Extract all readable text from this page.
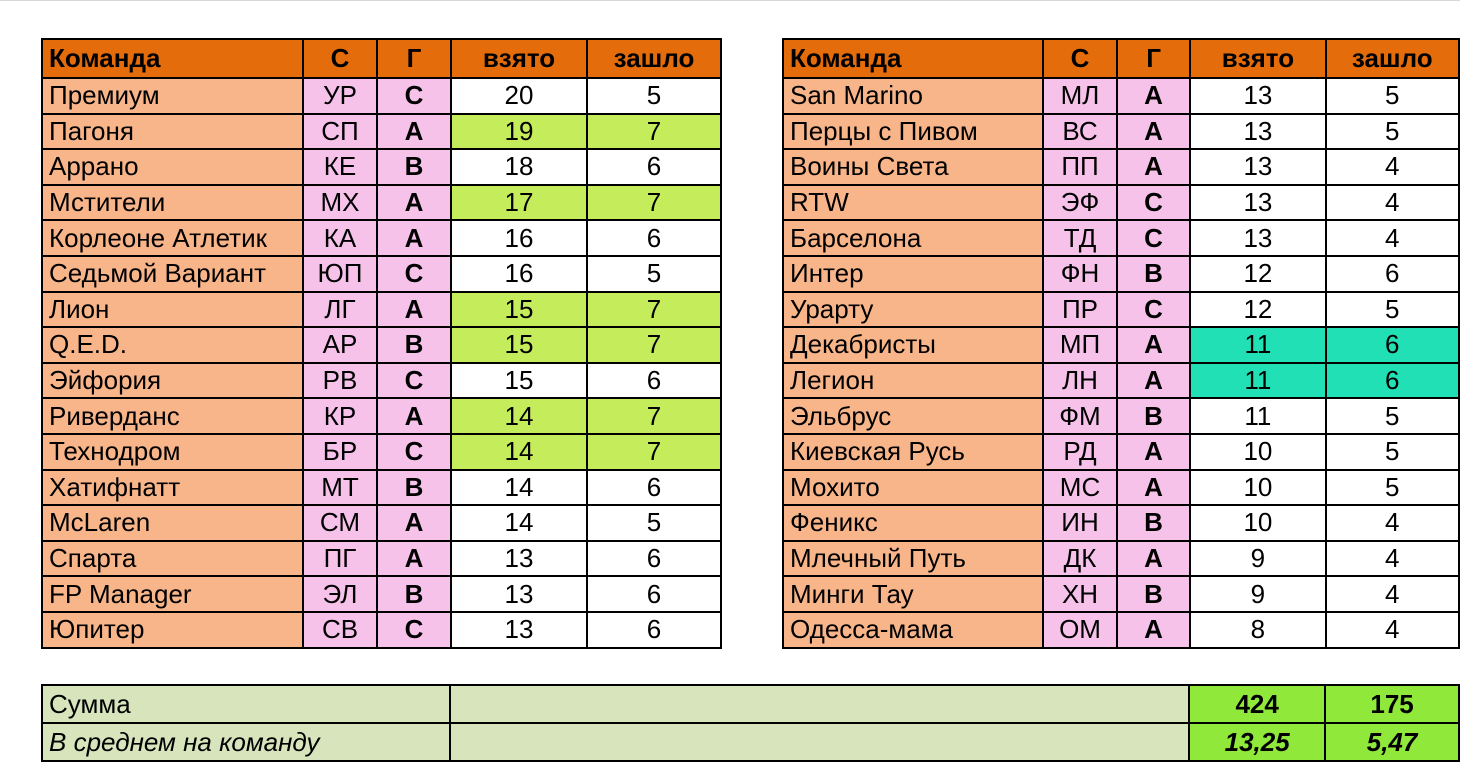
Команда	С	Г	взято	зашло
Премиум	УР	С	20	5
Пагоня	СП	А	19	7
Аррано	КЕ	В	18	6
Мстители	МХ	А	17	7
Корлеоне Атлетик	КА	А	16	6
Седьмой Вариант	ЮП	С	16	5
Лион	ЛГ	А	15	7
Q.E.D.	АР	В	15	7
Эйфория	РВ	С	15	6
Риверданс	КР	А	14	7
Технодром	БР	С	14	7
Хатифнатт	МТ	В	14	6
McLaren	СМ	А	14	5
Спарта	ПГ	А	13	6
FP Manager	ЭЛ	В	13	6
Юпитер	СВ	С	13	6
Команда	С	Г	взято	зашло
San Marino	МЛ	А	13	5
Перцы с Пивом	ВС	А	13	5
Воины Света	ПП	А	13	4
RTW	ЭФ	С	13	4
Барселона	ТД	С	13	4
Интер	ФН	В	12	6
Урарту	ПР	С	12	5
Декабристы	МП	А	11	6
Легион	ЛН	А	11	6
Эльбрус	ФМ	В	11	5
Киевская Русь	РД	А	10	5
Мохито	МС	А	10	5
Феникс	ИН	В	10	4
Млечный Путь	ДК	А	9	4
Минги Тау	ХН	В	9	4
Одесса-мама	ОМ	А	8	4
Сумма		424	175
В среднем на команду		13,25	5,47
